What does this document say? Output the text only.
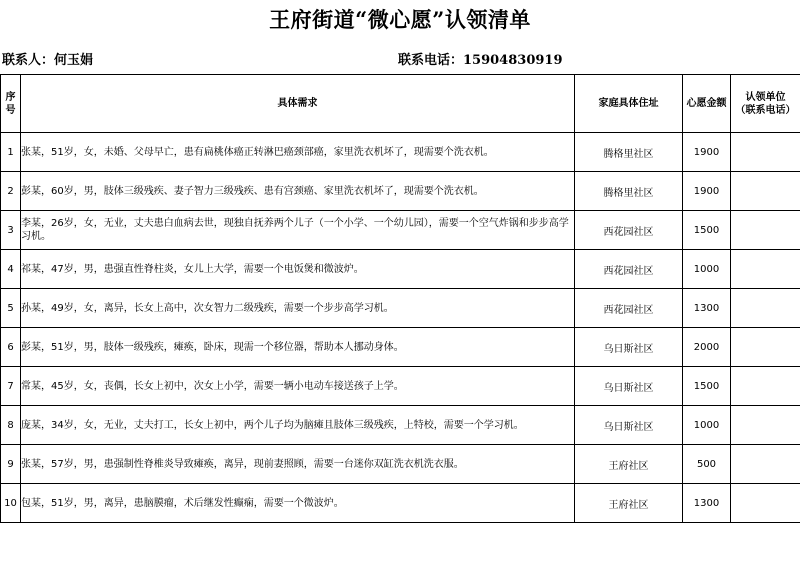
王府街道“微心愿”认领清单
联系人：何玉娟	联系电话：15904830919
序号	具体需求	家庭具体住址	心愿金额	认领单位
（联系电话）
1	张某，51岁，女，未婚、父母早亡，患有扁桃体癌正转淋巴癌颈部癌，家里洗衣机坏了，现需要个洗衣机。	腾格里社区	1900	
2	彭某，60岁，男，肢体三级残疾、妻子智力三级残疾、患有宫颈癌、家里洗衣机坏了，现需要个洗衣机。	腾格里社区	1900	
3	李某，26岁，女，无业，丈夫患白血病去世，现独自抚养两个儿子（一个小学、一个幼儿园），需要一个空气炸锅和步步高学习机。	西花园社区	1500	
4	祁某，47岁，男，患强直性脊柱炎，女儿上大学，需要一个电饭煲和微波炉。	西花园社区	1000	
5	孙某，49岁，女，离异，长女上高中，次女智力二级残疾，需要一个步步高学习机。	西花园社区	1300	
6	彭某，51岁，男，肢体一级残疾，瘫痪，卧床，现需一个移位器，帮助本人挪动身体。	乌日斯社区	2000	
7	常某，45岁，女，丧偶，长女上初中，次女上小学，需要一辆小电动车接送孩子上学。	乌日斯社区	1500	
8	庞某，34岁，女，无业，丈夫打工，长女上初中，两个儿子均为脑瘫且肢体三级残疾，上特校，需要一个学习机。	乌日斯社区	1000	
9	张某，57岁，男，患强制性脊椎炎导致瘫痪，离异，现前妻照顾，需要一台迷你双缸洗衣机洗衣服。	王府社区	500	
10	包某，51岁，男，离异，患脑膜瘤，术后继发性癫痫，需要一个微波炉。	王府社区	1300	
